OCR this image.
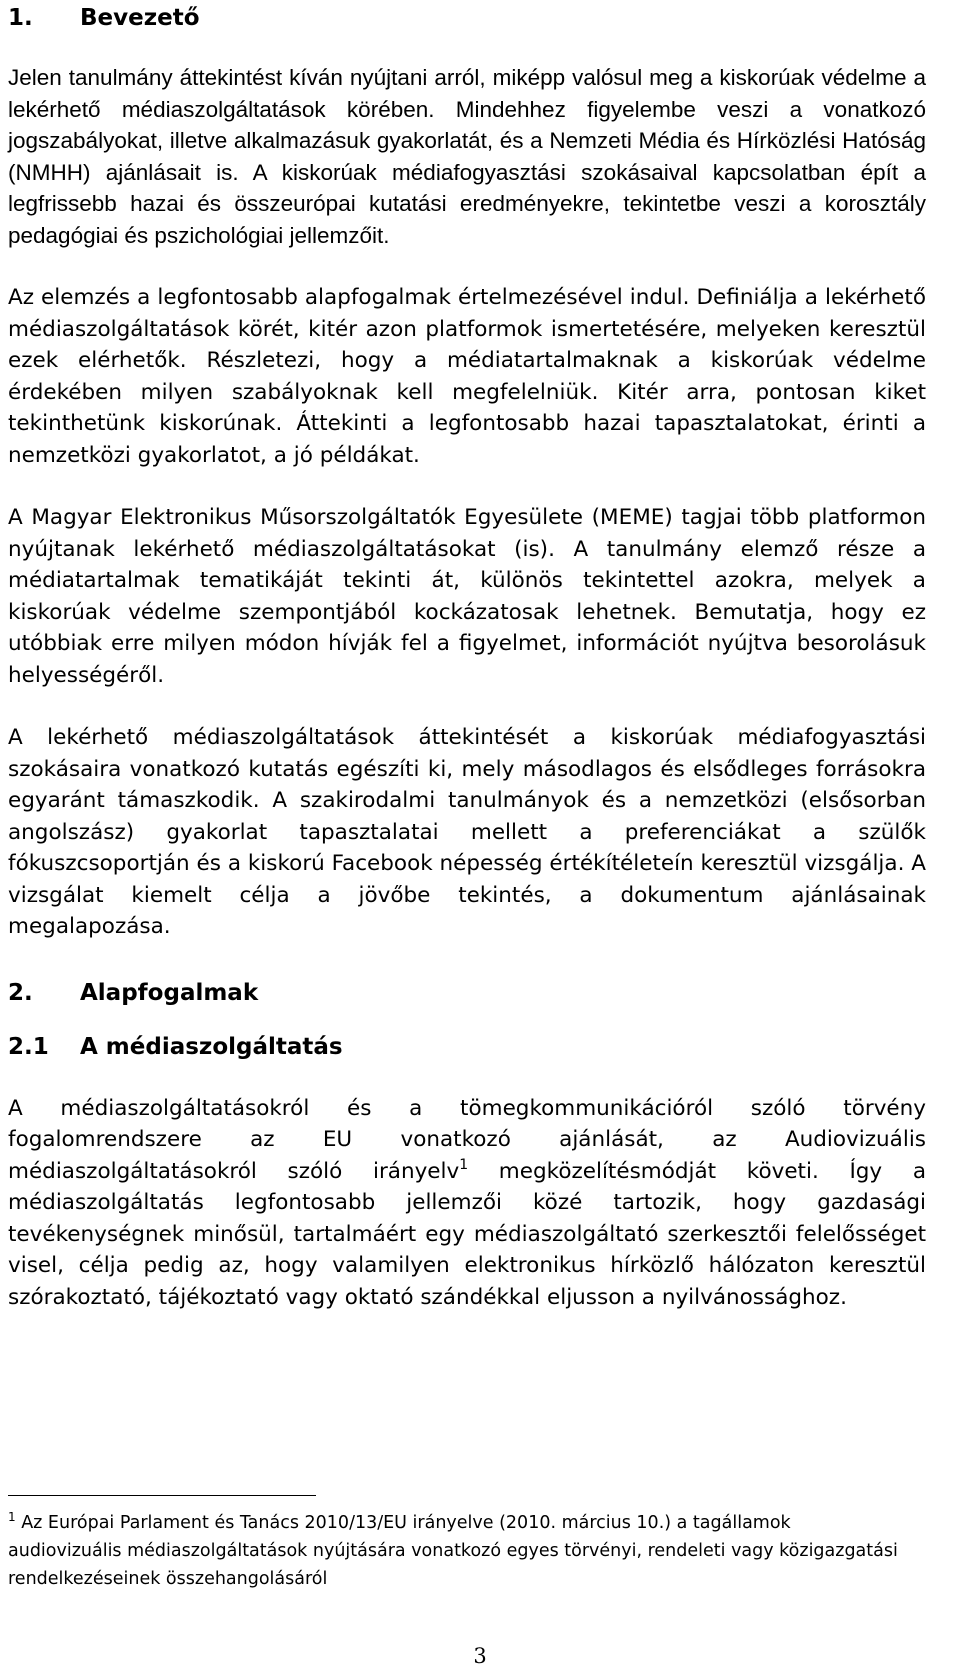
1.	Bevezető

Jelen tanulmány áttekintést kíván nyújtani arról, miképp valósul meg a kiskorúak védelme a lekérhető médiaszolgáltatások körében. Mindehhez figyelembe veszi a vonatkozó jogszabályokat, illetve alkalmazásuk gyakorlatát, és a Nemzeti Média és Hírközlési Hatóság (NMHH) ajánlásait is. A kiskorúak médiafogyasztási szokásaival kapcsolatban épít a legfrissebb hazai és összeurópai kutatási eredményekre, tekintetbe veszi a korosztály pedagógiai és pszichológiai jellemzőit.

Az elemzés a legfontosabb alapfogalmak értelmezésével indul. Definiálja a lekérhető médiaszolgáltatások körét, kitér azon platformok ismertetésére, melyeken keresztül ezek elérhetők. Részletezi, hogy a médiatartalmaknak a kiskorúak védelme érdekében milyen szabályoknak kell megfelelniük. Kitér arra, pontosan kiket tekinthetünk kiskorúnak. Áttekinti a legfontosabb hazai tapasztalatokat, érinti a nemzetközi gyakorlatot, a jó példákat.

A Magyar Elektronikus Műsorszolgáltatók Egyesülete (MEME) tagjai több platformon nyújtanak lekérhető médiaszolgáltatásokat (is). A tanulmány elemző része a médiatartalmak tematikáját tekinti át, különös tekintettel azokra, melyek a kiskorúak védelme szempontjából kockázatosak lehetnek. Bemutatja, hogy ez utóbbiak erre milyen módon hívják fel a figyelmet, információt nyújtva besorolásuk helyességéről.

A lekérhető médiaszolgáltatások áttekintését a kiskorúak médiafogyasztási szokásaira vonatkozó kutatás egészíti ki, mely másodlagos és elsődleges forrásokra egyaránt támaszkodik. A szakirodalmi tanulmányok és a nemzetközi (elsősorban angolszász) gyakorlat tapasztalatai mellett a preferenciákat a szülők fókuszcsoportján és a kiskorú Facebook népesség értékítéleteín keresztül vizsgálja. A vizsgálat kiemelt célja a jövőbe tekintés, a dokumentum ajánlásainak megalapozása.

2.	Alapfogalmak
2.1	A médiaszolgáltatás

A médiaszolgáltatásokról és a tömegkommunikációról szóló törvény fogalomrendszere az EU vonatkozó ajánlását, az Audiovizuális médiaszolgáltatásokról szóló irányelv$^1$ megközelítésmódját követi. Így a médiaszolgáltatás legfontosabb jellemzői közé tartozik, hogy gazdasági tevékenységnek minősül, tartalmáért egy médiaszolgáltató szerkesztői felelősséget visel, célja pedig az, hogy valamilyen elektronikus hírközlő hálózaton keresztül szórakoztató, tájékoztató vagy oktató szándékkal eljusson a nyilvánossághoz.

$^1$ Az Európai Parlament és Tanács 2010/13/EU irányelve (2010. március 10.) a tagállamok audiovizuális médiaszolgáltatások nyújtására vonatkozó egyes törvényi, rendeleti vagy közigazgatási rendelkezéseinek összehangolásáról

3
